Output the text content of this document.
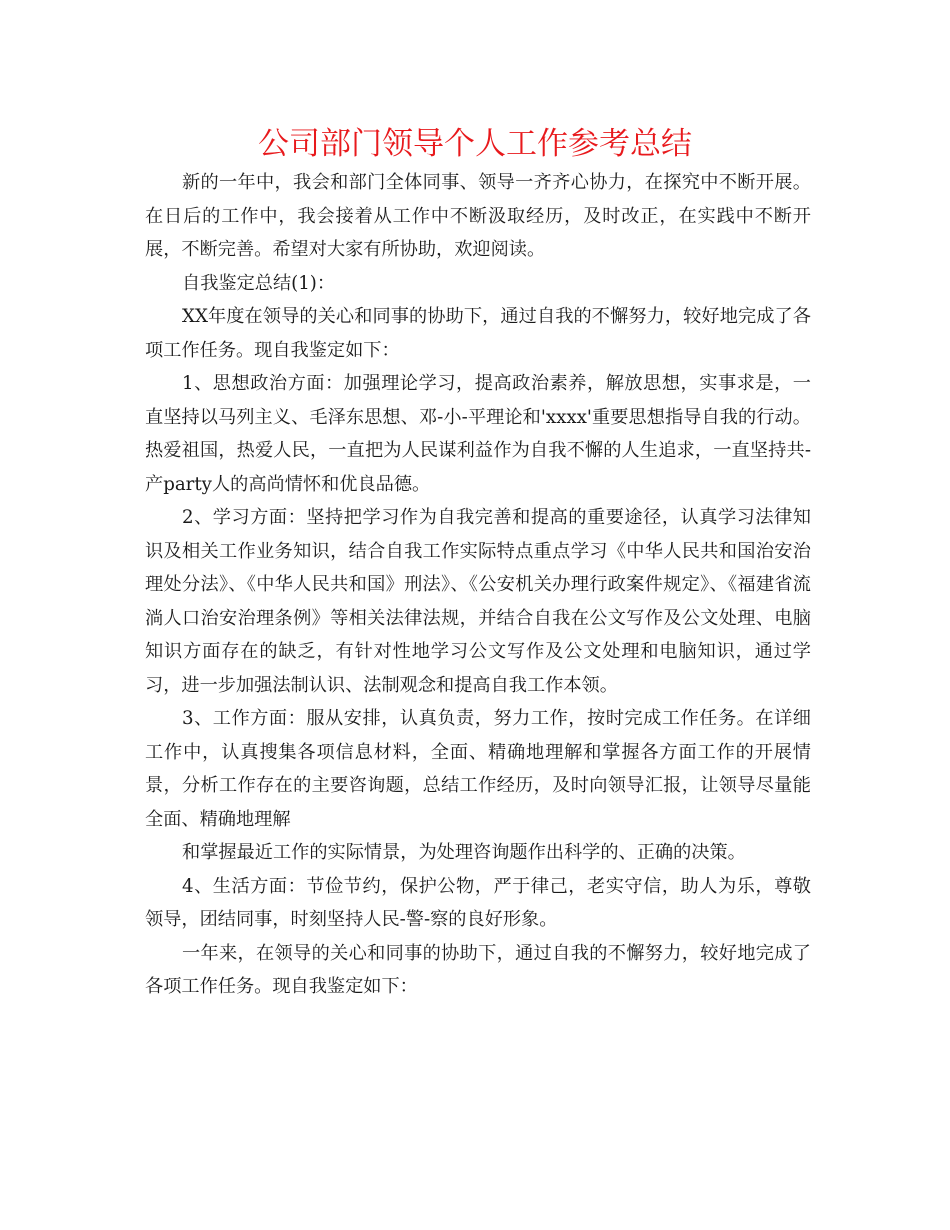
公司部门领导个人工作参考总结

新的一年中，我会和部门全体同事、领导一齐齐心协力，在探究中不断开展。在日后的工作中，我会接着从工作中不断汲取经历，及时改正，在实践中不断开展，不断完善。希望对大家有所协助，欢迎阅读。

自我鉴定总结(1)：

XX年度在领导的关心和同事的协助下，通过自我的不懈努力，较好地完成了各项工作任务。现自我鉴定如下：

1、思想政治方面：加强理论学习，提高政治素养，解放思想，实事求是，一直坚持以马列主义、毛泽东思想、邓-小-平理论和'xxxx'重要思想指导自我的行动。热爱祖国，热爱人民，一直把为人民谋利益作为自我不懈的人生追求，一直坚持共-产party人的高尚情怀和优良品德。

2、学习方面：坚持把学习作为自我完善和提高的重要途径，认真学习法律知识及相关工作业务知识，结合自我工作实际特点重点学习《中华人民共和国治安治理处分法》、《中华人民共和国》刑法》、《公安机关办理行政案件规定》、《福建省流淌人口治安治理条例》等相关法律法规，并结合自我在公文写作及公文处理、电脑知识方面存在的缺乏，有针对性地学习公文写作及公文处理和电脑知识，通过学习，进一步加强法制认识、法制观念和提高自我工作本领。

3、工作方面：服从安排，认真负责，努力工作，按时完成工作任务。在详细工作中，认真搜集各项信息材料，全面、精确地理解和掌握各方面工作的开展情景，分析工作存在的主要咨询题，总结工作经历，及时向领导汇报，让领导尽量能全面、精确地理解

和掌握最近工作的实际情景，为处理咨询题作出科学的、正确的决策。

4、生活方面：节俭节约，保护公物，严于律己，老实守信，助人为乐，尊敬领导，团结同事，时刻坚持人民-警-察的良好形象。

一年来，在领导的关心和同事的协助下，通过自我的不懈努力，较好地完成了各项工作任务。现自我鉴定如下：
